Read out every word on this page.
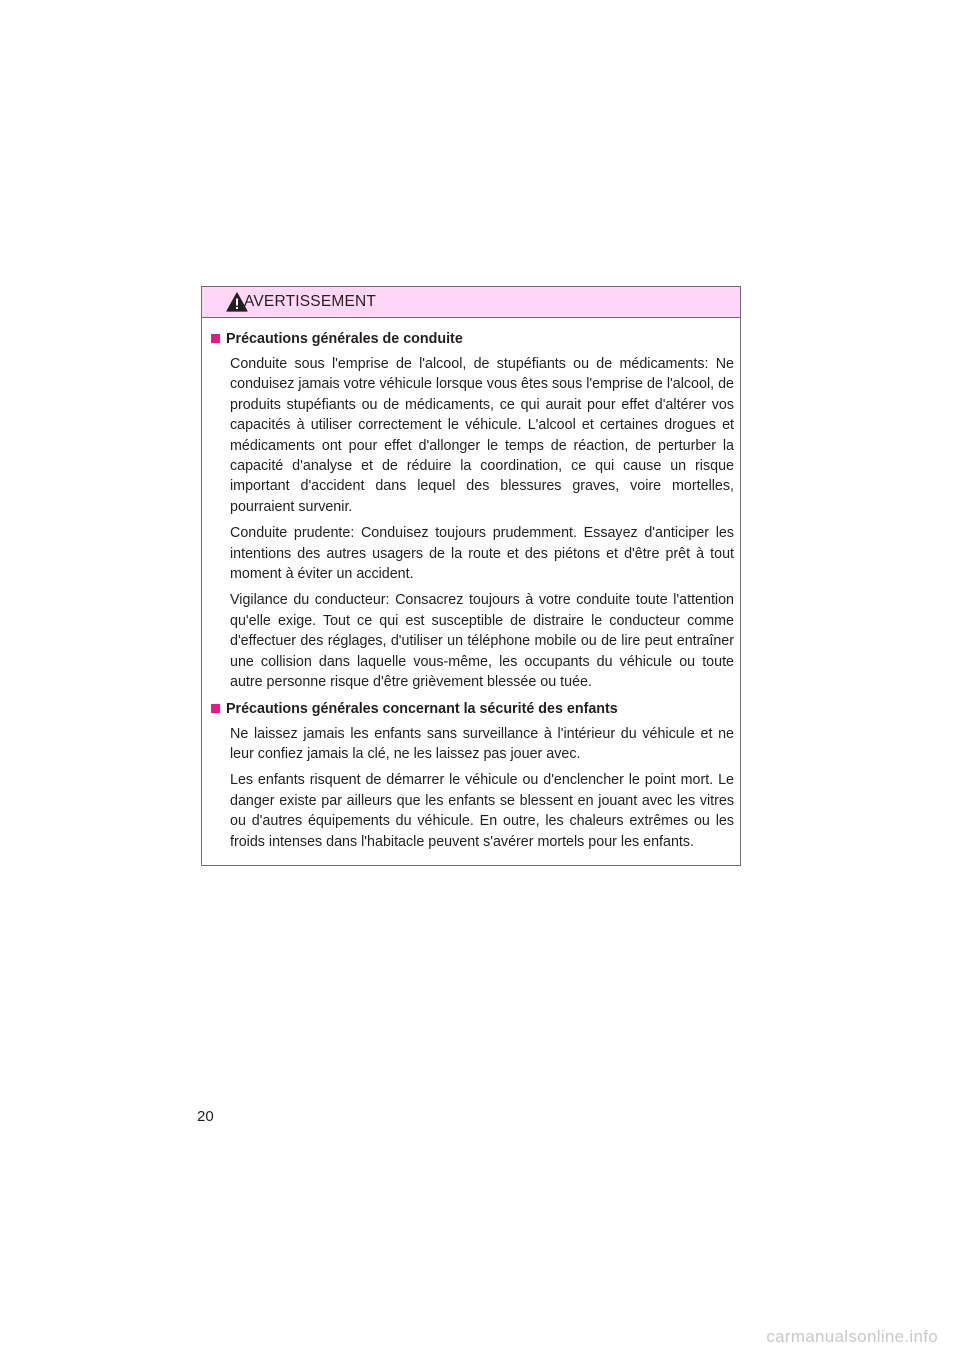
AVERTISSEMENT
Précautions générales de conduite

Conduite sous l'emprise de l'alcool, de stupéfiants ou de médicaments: Ne conduisez jamais votre véhicule lorsque vous êtes sous l'emprise de l'alcool, de produits stupéfiants ou de médicaments, ce qui aurait pour effet d'altérer vos capacités à utiliser correctement le véhicule. L'alcool et certaines drogues et médicaments ont pour effet d'allonger le temps de réaction, de perturber la capacité d'analyse et de réduire la coordination, ce qui cause un risque important d'accident dans lequel des blessures graves, voire mortelles, pourraient survenir.

Conduite prudente: Conduisez toujours prudemment. Essayez d'anticiper les intentions des autres usagers de la route et des piétons et d'être prêt à tout moment à éviter un accident.

Vigilance du conducteur: Consacrez toujours à votre conduite toute l'attention qu'elle exige. Tout ce qui est susceptible de distraire le conducteur comme d'effectuer des réglages, d'utiliser un téléphone mobile ou de lire peut entraîner une collision dans laquelle vous-même, les occupants du véhicule ou toute autre personne risque d'être grièvement blessée ou tuée.

Précautions générales concernant la sécurité des enfants

Ne laissez jamais les enfants sans surveillance à l'intérieur du véhicule et ne leur confiez jamais la clé, ne les laissez pas jouer avec.

Les enfants risquent de démarrer le véhicule ou d'enclencher le point mort. Le danger existe par ailleurs que les enfants se blessent en jouant avec les vitres ou d'autres équipements du véhicule. En outre, les chaleurs extrêmes ou les froids intenses dans l'habitacle peuvent s'avérer mortels pour les enfants.

20
carmanualsonline.info
